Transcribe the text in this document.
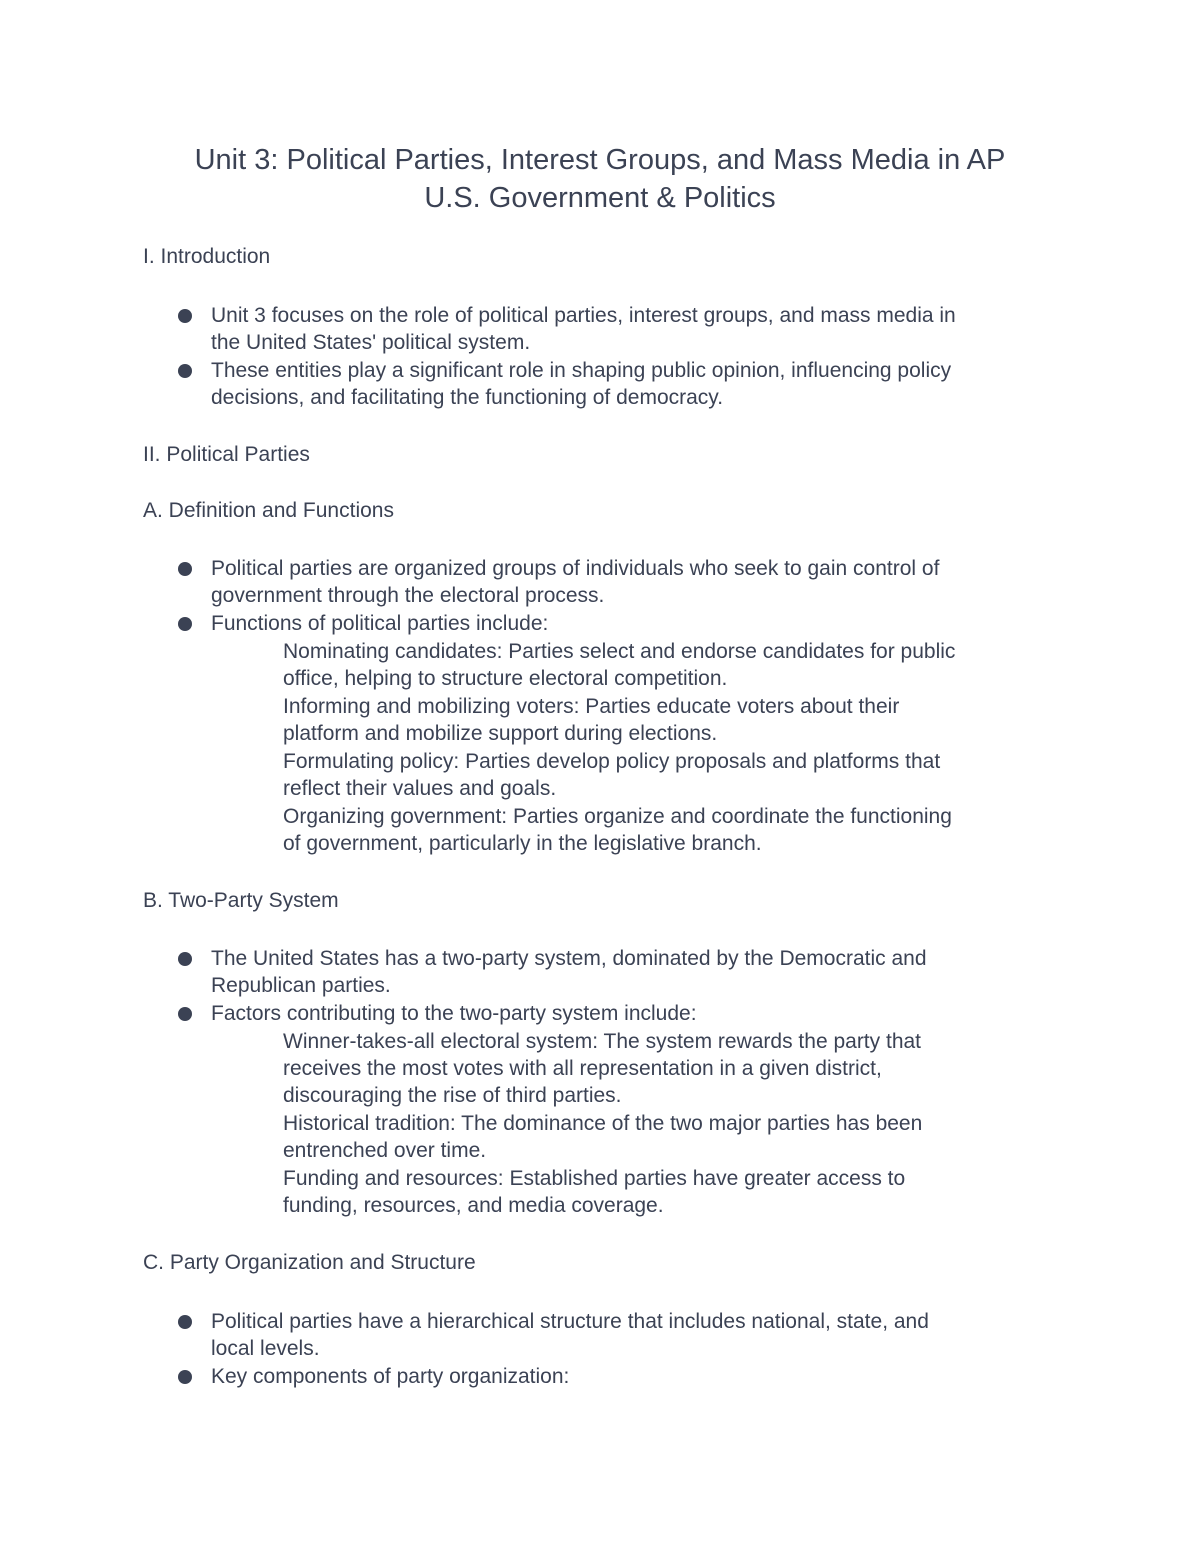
Unit 3: Political Parties, Interest Groups, and Mass Media in AP
U.S. Government & Politics
I. Introduction
Unit 3 focuses on the role of political parties, interest groups, and mass media in
the United States' political system.
These entities play a significant role in shaping public opinion, influencing policy
decisions, and facilitating the functioning of democracy.
II. Political Parties
A. Definition and Functions
Political parties are organized groups of individuals who seek to gain control of
government through the electoral process.
Functions of political parties include:
Nominating candidates: Parties select and endorse candidates for public
office, helping to structure electoral competition.
Informing and mobilizing voters: Parties educate voters about their
platform and mobilize support during elections.
Formulating policy: Parties develop policy proposals and platforms that
reflect their values and goals.
Organizing government: Parties organize and coordinate the functioning
of government, particularly in the legislative branch.
B. Two-Party System
The United States has a two-party system, dominated by the Democratic and
Republican parties.
Factors contributing to the two-party system include:
Winner-takes-all electoral system: The system rewards the party that
receives the most votes with all representation in a given district,
discouraging the rise of third parties.
Historical tradition: The dominance of the two major parties has been
entrenched over time.
Funding and resources: Established parties have greater access to
funding, resources, and media coverage.
C. Party Organization and Structure
Political parties have a hierarchical structure that includes national, state, and
local levels.
Key components of party organization:
